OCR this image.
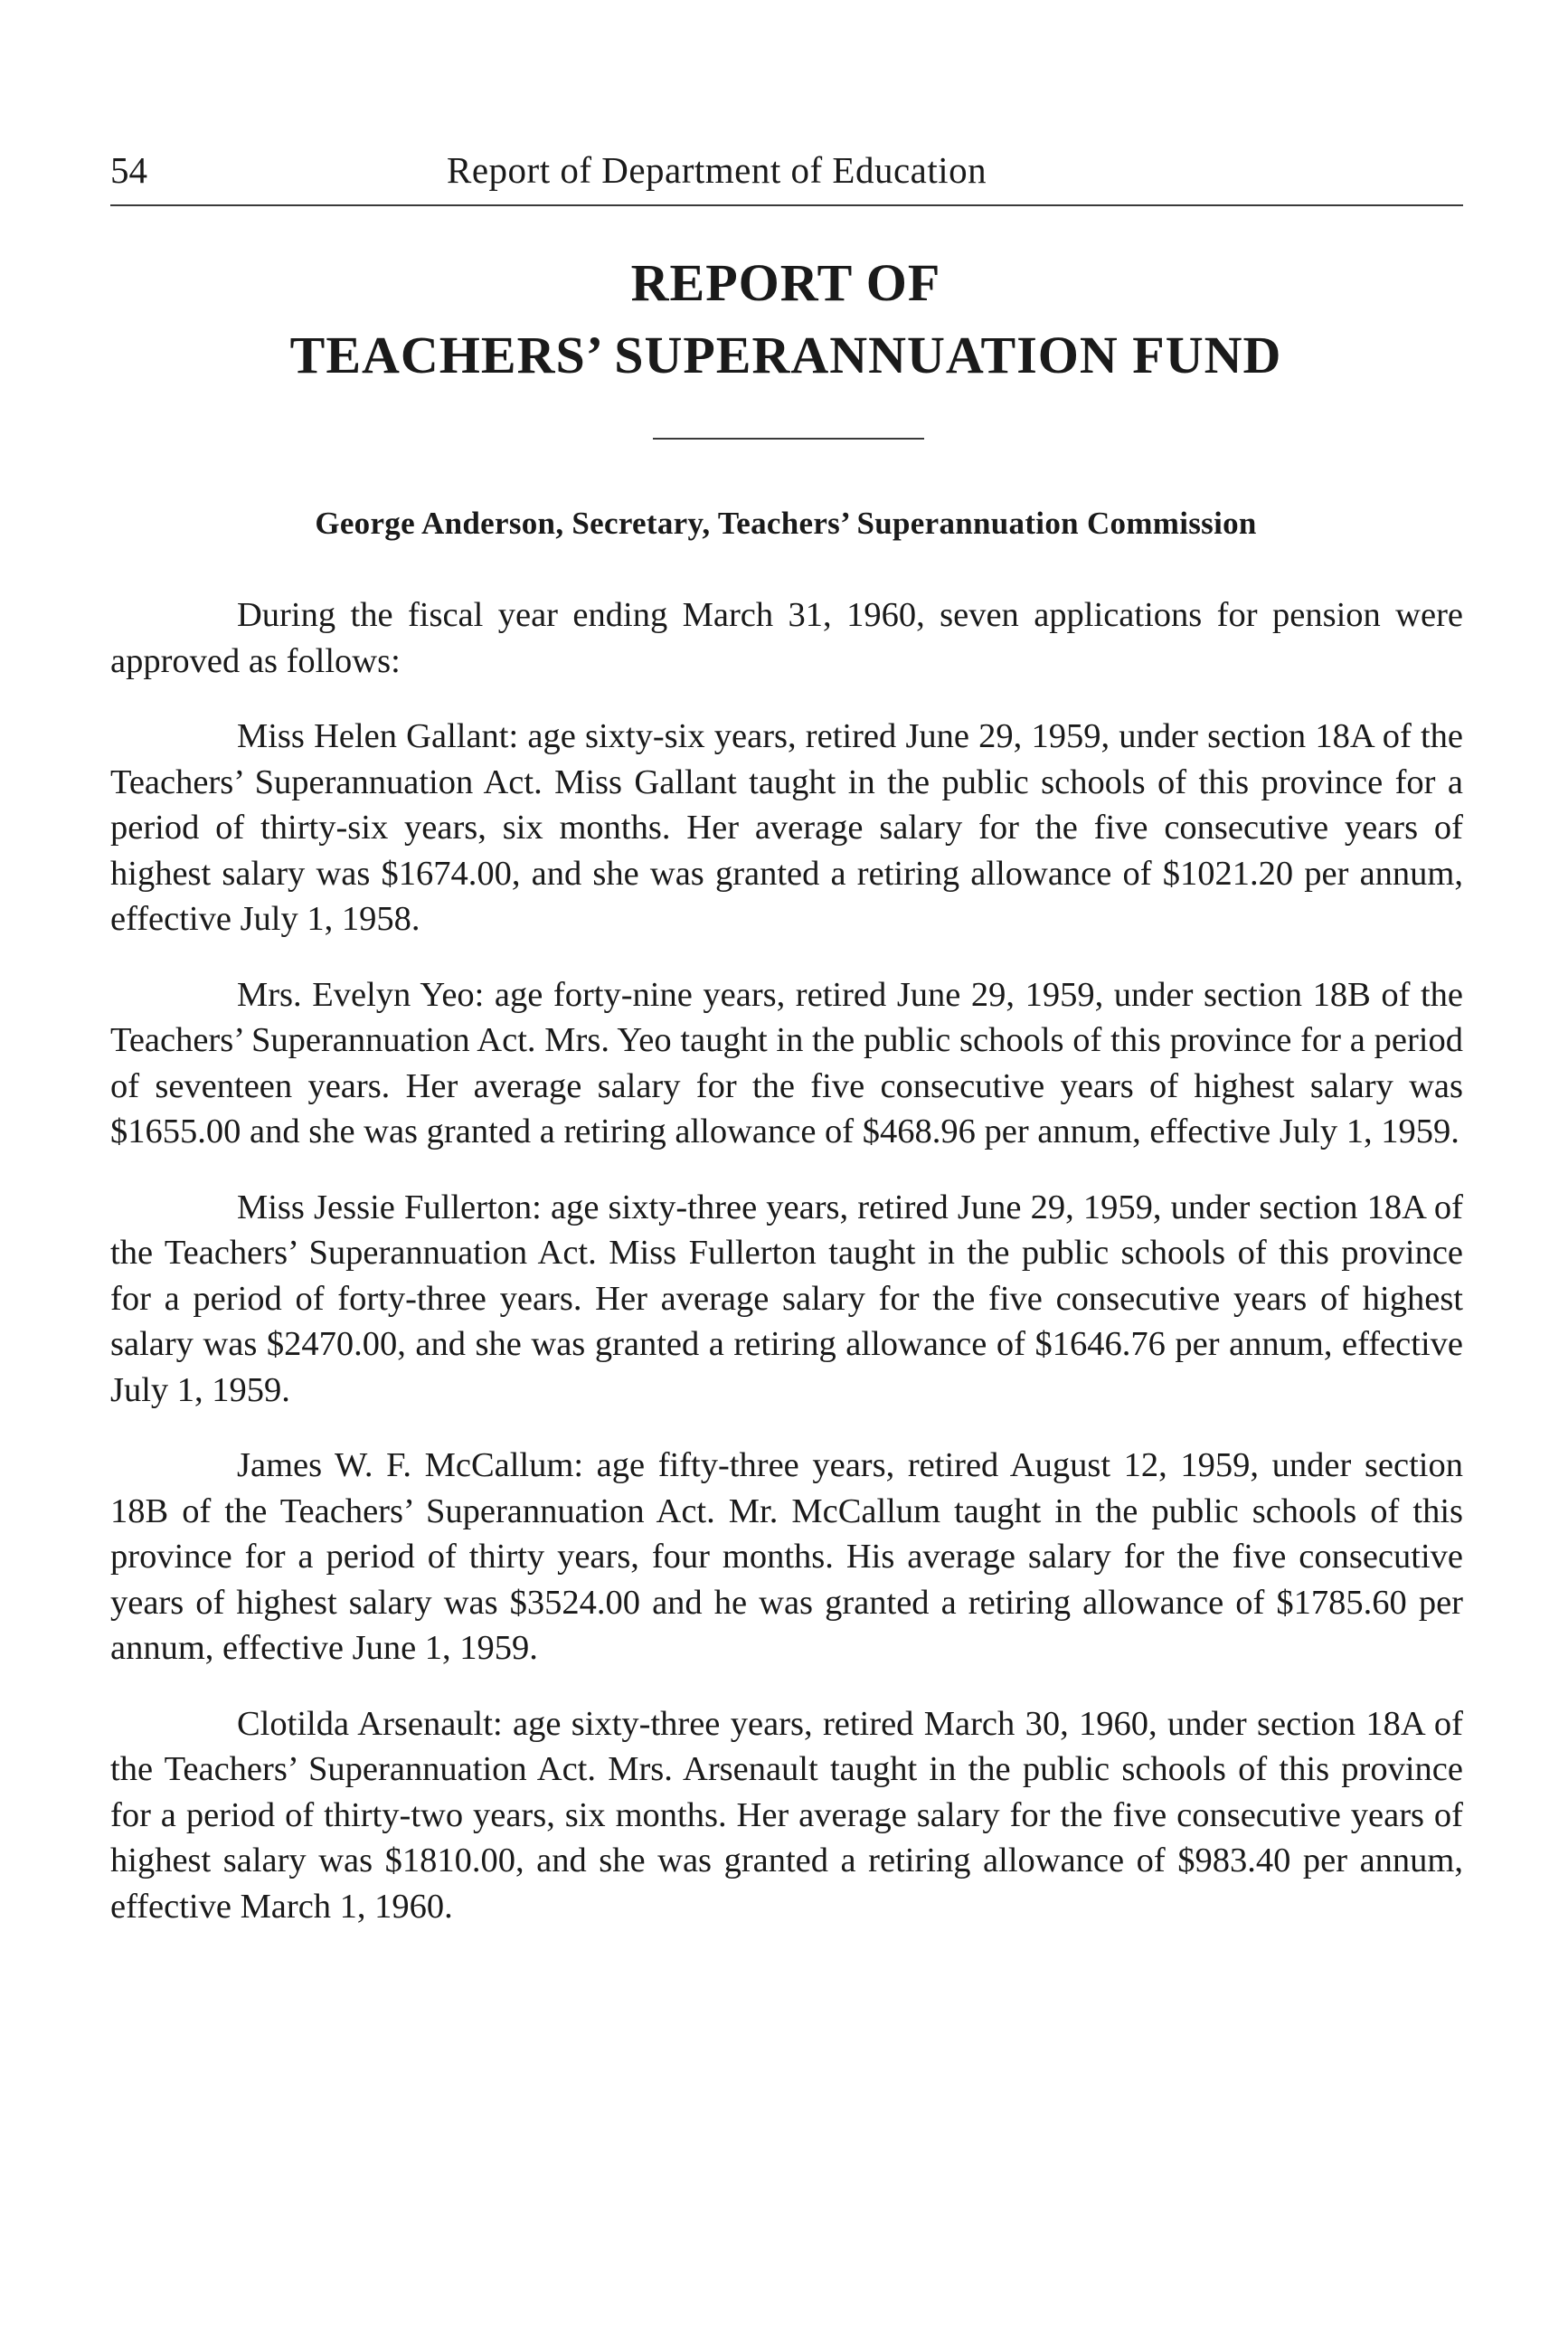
54	Report of Department of Education
REPORT OF
TEACHERS’ SUPERANNUATION FUND
George Anderson, Secretary, Teachers’ Superannuation Commission

During the fiscal year ending March 31, 1960, seven applications for pension were approved as follows:

Miss Helen Gallant: age sixty-six years, retired June 29, 1959, under section 18A of the Teachers’ Superannuation Act. Miss Gallant taught in the public schools of this province for a period of thirty-six years, six months. Her average salary for the five consecutive years of highest salary was $1674.00, and she was granted a retiring allowance of $1021.20 per annum, effective July 1, 1958.

Mrs. Evelyn Yeo: age forty-nine years, retired June 29, 1959, under section 18B of the Teachers’ Superannuation Act. Mrs. Yeo taught in the public schools of this province for a period of seventeen years. Her average salary for the five consecutive years of highest salary was $1655.00 and she was granted a retiring allowance of $468.96 per annum, effective July 1, 1959.

Miss Jessie Fullerton: age sixty-three years, retired June 29, 1959, under section 18A of the Teachers’ Superannuation Act. Miss Fullerton taught in the public schools of this province for a period of forty-three years. Her average salary for the five consecutive years of highest salary was $2470.00, and she was granted a retiring allowance of $1646.76 per annum, effective July 1, 1959.

James W. F. McCallum: age fifty-three years, retired August 12, 1959, under section 18B of the Teachers’ Superannuation Act. Mr. McCallum taught in the public schools of this province for a period of thirty years, four months. His average salary for the five consecutive years of highest salary was $3524.00 and he was granted a retiring allowance of $1785.60 per annum, effective June 1, 1959.

Clotilda Arsenault: age sixty-three years, retired March 30, 1960, under section 18A of the Teachers’ Superannuation Act. Mrs. Arsenault taught in the public schools of this province for a period of thirty-two years, six months. Her average salary for the five consecutive years of highest salary was $1810.00, and she was granted a retiring allowance of $983.40 per annum, effective March 1, 1960.
